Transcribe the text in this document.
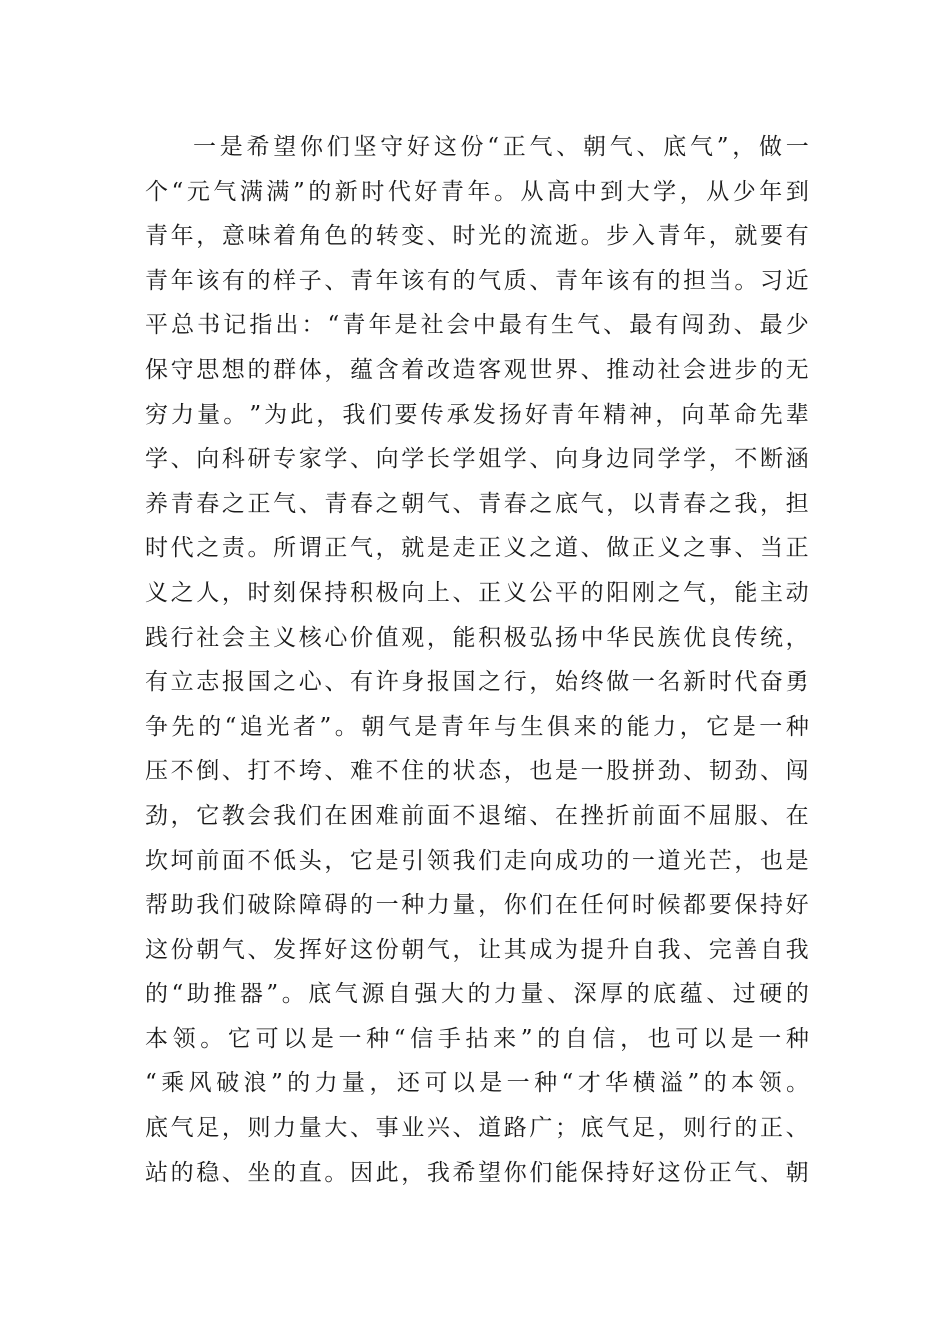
一 是 希 望 你 们 坚 守 好 这 份 “ 正 气 、 朝 气 、 底 气 ” ， 做 一
个 “ 元 气 满 满 ” 的 新 时 代 好 青 年 。 从 高 中 到 大 学 ， 从 少 年 到
青 年 ， 意 味 着 角 色 的 转 变 、 时 光 的 流 逝 。 步 入 青 年 ， 就 要 有
青 年 该 有 的 样 子 、 青 年 该 有 的 气 质 、 青 年 该 有 的 担 当 。 习 近
平 总 书 记 指 出 ： “ 青 年 是 社 会 中 最 有 生 气 、 最 有 闯 劲 、 最 少
保 守 思 想 的 群 体 ， 蕴 含 着 改 造 客 观 世 界 、 推 动 社 会 进 步 的 无
穷 力 量 。 ” 为 此 ， 我 们 要 传 承 发 扬 好 青 年 精 神 ， 向 革 命 先 辈
学 、 向 科 研 专 家 学 、 向 学 长 学 姐 学 、 向 身 边 同 学 学 ， 不 断 涵
养 青 春 之 正 气 、 青 春 之 朝 气 、 青 春 之 底 气 ， 以 青 春 之 我 ， 担
时 代 之 责 。 所 谓 正 气 ， 就 是 走 正 义 之 道 、 做 正 义 之 事 、 当 正
义 之 人 ， 时 刻 保 持 积 极 向 上 、 正 义 公 平 的 阳 刚 之 气 ， 能 主 动
践 行 社 会 主 义 核 心 价 值 观 ， 能 积 极 弘 扬 中 华 民 族 优 良 传 统 ，
有 立 志 报 国 之 心 、 有 许 身 报 国 之 行 ， 始 终 做 一 名 新 时 代 奋 勇
争 先 的 “ 追 光 者 ” 。 朝 气 是 青 年 与 生 俱 来 的 能 力 ， 它 是 一 种
压 不 倒 、 打 不 垮 、 难 不 住 的 状 态 ， 也 是 一 股 拼 劲 、 韧 劲 、 闯
劲 ， 它 教 会 我 们 在 困 难 前 面 不 退 缩 、 在 挫 折 前 面 不 屈 服 、 在
坎 坷 前 面 不 低 头 ， 它 是 引 领 我 们 走 向 成 功 的 一 道 光 芒 ， 也 是
帮 助 我 们 破 除 障 碍 的 一 种 力 量 ， 你 们 在 任 何 时 候 都 要 保 持 好
这 份 朝 气 、 发 挥 好 这 份 朝 气 ， 让 其 成 为 提 升 自 我 、 完 善 自 我
的 “ 助 推 器 ” 。 底 气 源 自 强 大 的 力 量 、 深 厚 的 底 蕴 、 过 硬 的
本 领 。 它 可 以 是 一 种 “ 信 手 拈 来 ” 的 自 信 ， 也 可 以 是 一 种
“ 乘 风 破 浪 ” 的 力 量 ， 还 可 以 是 一 种 “ 才 华 横 溢 ” 的 本 领 。
底 气 足 ， 则 力 量 大 、 事 业 兴 、 道 路 广 ； 底 气 足 ， 则 行 的 正 、
站 的 稳 、 坐 的 直 。 因 此 ， 我 希 望 你 们 能 保 持 好 这 份 正 气 、 朝
